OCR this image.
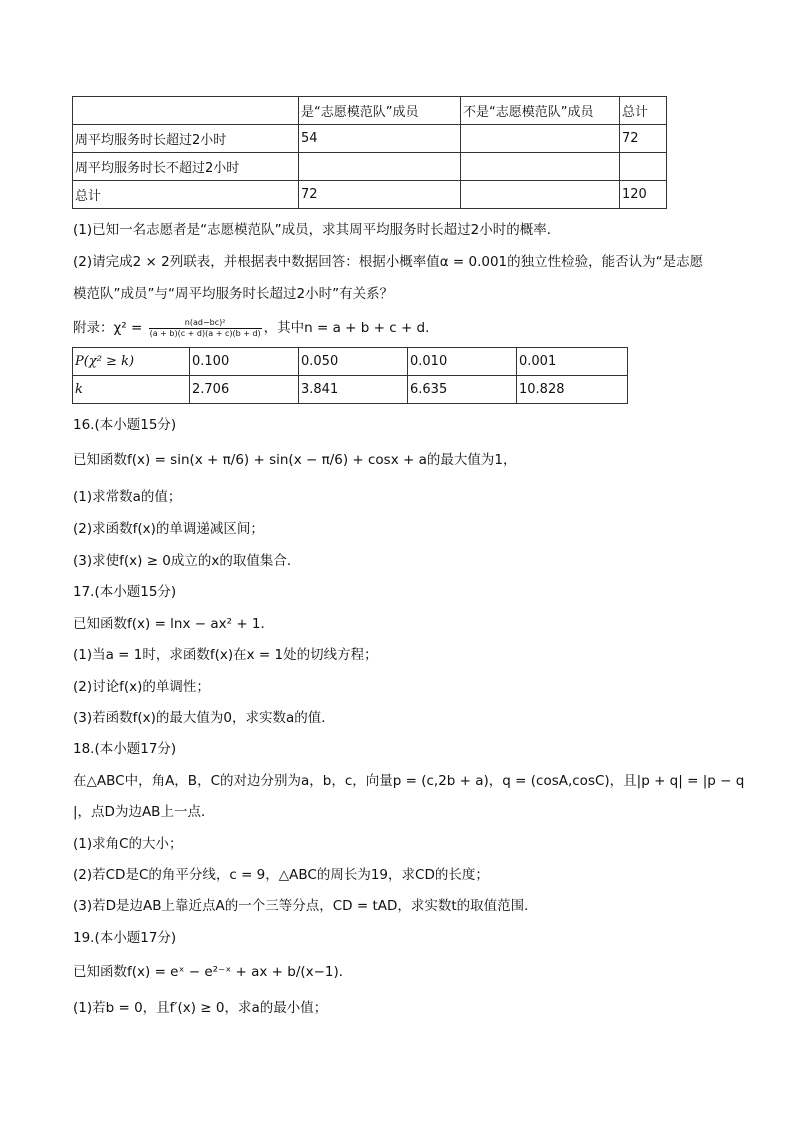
	是“志愿模范队”成员	不是“志愿模范队”成员	总计
周平均服务时长超过2小时	54		72
周平均服务时长不超过2小时			
总计	72		120
(1)已知一名志愿者是“志愿模范队”成员，求其周平均服务时长超过2小时的概率．
(2)请完成2 × 2列联表，并根据表中数据回答：根据小概率值α = 0.001的独立性检验，能否认为“是志愿
模范队”成员”与“周平均服务时长超过2小时”有关系？
附录：$\chi^2 = \frac{\text{n(ad−bc)²}}{(a + b)(c + d)(a + c)(b + d)}$ ，其中n = a + b + c + d．
P(χ² ≥ k)	0.100	0.050	0.010	0.001
k	2.706	3.841	6.635	10.828
16.(本小题15分)
已知函数f(x) = sin(x + π/6) + sin(x − π/6) + cosx + a的最大值为1，
(1)求常数a的值；
(2)求函数f(x)的单调递减区间；
(3)求使f(x) ≥ 0成立的x的取值集合．
17.(本小题15分)
已知函数f(x) = lnx − ax² + 1．
(1)当a = 1时，求函数f(x)在x = 1处的切线方程；
(2)讨论f(x)的单调性；
(3)若函数f(x)的最大值为0，求实数a的值．
18.(本小题17分)
在△ABC中，角A，B，C的对边分别为a，b，c，向量p = (c,2b + a)，q = (cosA,cosC)，且|p + q| = |p − q
|，点D为边AB上一点．
(1)求角C的大小；
(2)若CD是C的角平分线，c = 9，△ABC的周长为19，求CD的长度；
(3)若D是边AB上靠近点A的一个三等分点，CD = tAD，求实数t的取值范围．
19.(本小题17分)
已知函数f(x) = eˣ − e²⁻ˣ + ax + b/(x−1)．
(1)若b = 0，且f′(x) ≥ 0，求a的最小值；
